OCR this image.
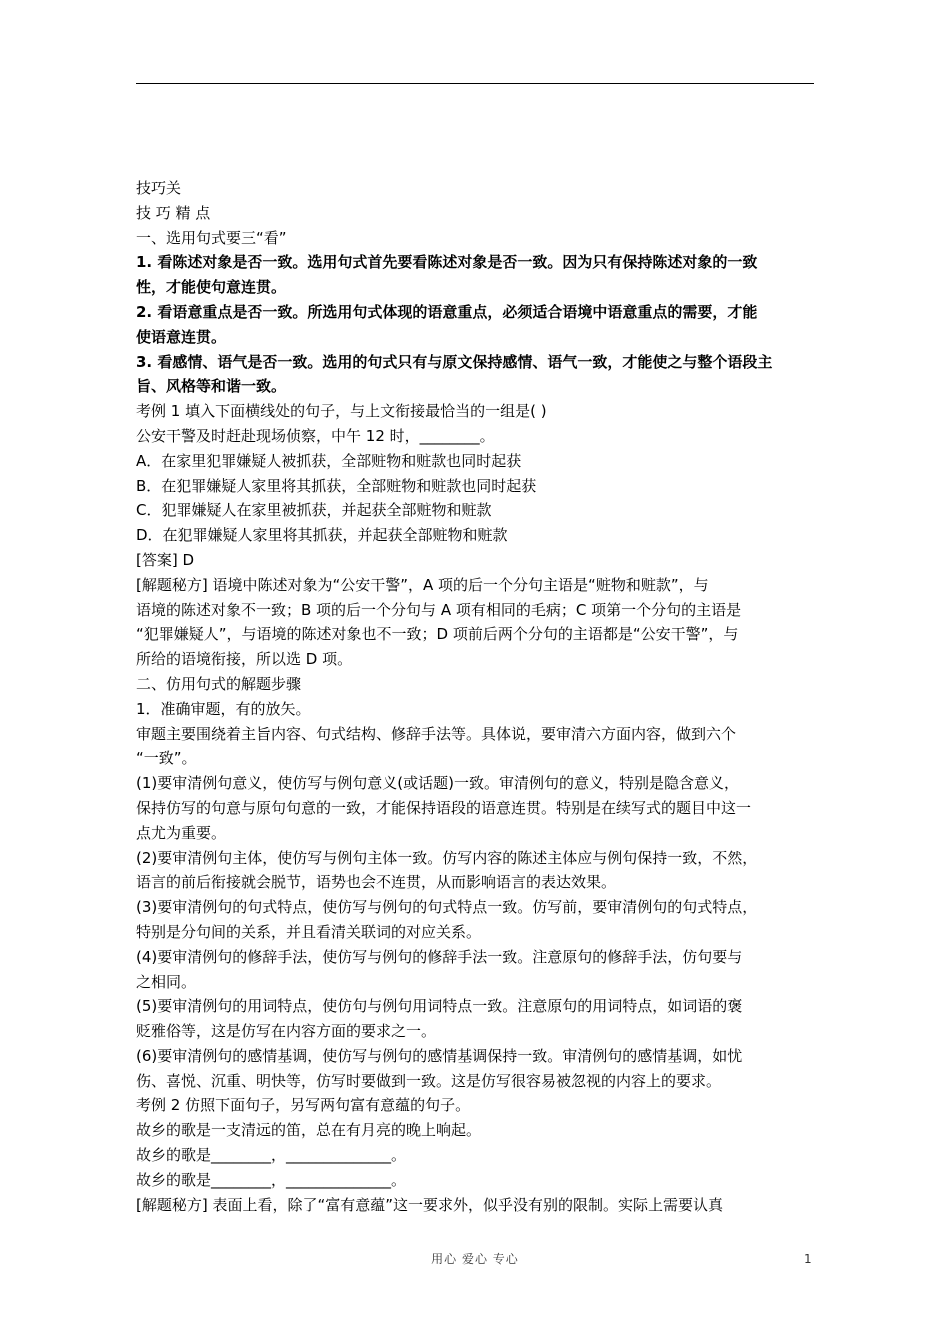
技巧关
技 巧 精 点
一、选用句式要三“看”
1. 看陈述对象是否一致。选用句式首先要看陈述对象是否一致。因为只有保持陈述对象的一致
性，才能使句意连贯。
2. 看语意重点是否一致。所选用句式体现的语意重点，必须适合语境中语意重点的需要，才能
使语意连贯。
3. 看感情、语气是否一致。选用的句式只有与原文保持感情、语气一致，才能使之与整个语段主
旨、风格等和谐一致。
考例 1 填入下面横线处的句子，与上文衔接最恰当的一组是( )
公安干警及时赶赴现场侦察，中午 12 时，________。
A．在家里犯罪嫌疑人被抓获，全部赃物和赃款也同时起获
B．在犯罪嫌疑人家里将其抓获，全部赃物和赃款也同时起获
C．犯罪嫌疑人在家里被抓获，并起获全部赃物和赃款
D．在犯罪嫌疑人家里将其抓获，并起获全部赃物和赃款
[答案] D
[解题秘方] 语境中陈述对象为“公安干警”，A 项的后一个分句主语是“赃物和赃款”，与
语境的陈述对象不一致；B 项的后一个分句与 A 项有相同的毛病；C 项第一个分句的主语是
“犯罪嫌疑人”，与语境的陈述对象也不一致；D 项前后两个分句的主语都是“公安干警”，与
所给的语境衔接，所以选 D 项。
二、仿用句式的解题步骤
1．准确审题，有的放矢。
审题主要围绕着主旨内容、句式结构、修辞手法等。具体说，要审清六方面内容，做到六个
“一致”。
(1)要审清例句意义，使仿写与例句意义(或话题)一致。审清例句的意义，特别是隐含意义，
保持仿写的句意与原句句意的一致，才能保持语段的语意连贯。特别是在续写式的题目中这一
点尤为重要。
(2)要审清例句主体，使仿写与例句主体一致。仿写内容的陈述主体应与例句保持一致，不然，
语言的前后衔接就会脱节，语势也会不连贯，从而影响语言的表达效果。
(3)要审清例句的句式特点，使仿写与例句的句式特点一致。仿写前，要审清例句的句式特点，
特别是分句间的关系，并且看清关联词的对应关系。
(4)要审清例句的修辞手法，使仿写与例句的修辞手法一致。注意原句的修辞手法，仿句要与
之相同。
(5)要审清例句的用词特点，使仿句与例句用词特点一致。注意原句的用词特点，如词语的褒
贬雅俗等，这是仿写在内容方面的要求之一。
(6)要审清例句的感情基调，使仿写与例句的感情基调保持一致。审清例句的感情基调，如忧
伤、喜悦、沉重、明快等，仿写时要做到一致。这是仿写很容易被忽视的内容上的要求。
考例 2 仿照下面句子，另写两句富有意蕴的句子。
故乡的歌是一支清远的笛，总在有月亮的晚上响起。
故乡的歌是________，______________。
故乡的歌是________，______________。
[解题秘方] 表面上看，除了“富有意蕴”这一要求外，似乎没有别的限制。实际上需要认真
用心 爱心 专心	1
